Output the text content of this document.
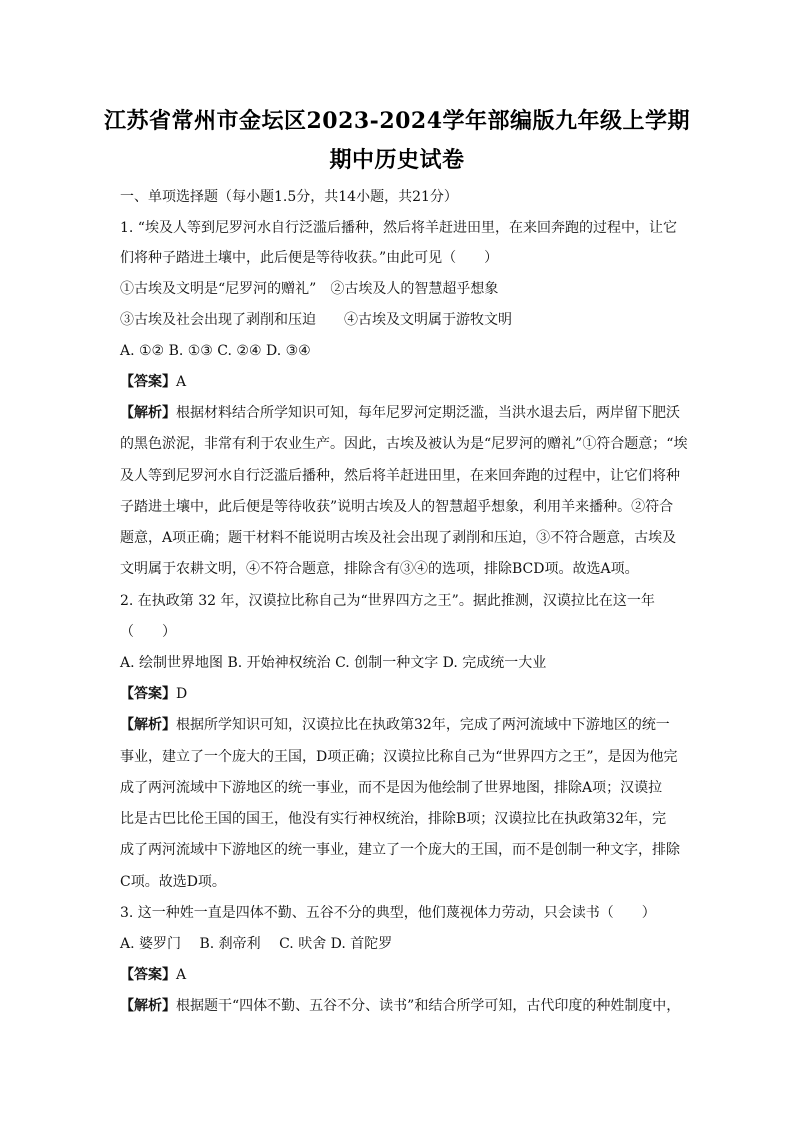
江苏省常州市金坛区2023-2024学年部编版九年级上学期
期中历史试卷
一、单项选择题（每小题1.5分，共14小题，共21分）
1. “埃及人等到尼罗河水自行泛滥后播种，然后将羊赶进田里，在来回奔跑的过程中，让它
们将种子踏进土壤中，此后便是等待收获。”由此可见（　　）
①古埃及文明是“尼罗河的赠礼”　②古埃及人的智慧超乎想象
③古埃及社会出现了剥削和压迫　　④古埃及文明属于游牧文明
A. ①② B. ①③ C. ②④ D. ③④
【答案】A
【解析】根据材料结合所学知识可知，每年尼罗河定期泛滥，当洪水退去后，两岸留下肥沃
的黑色淤泥，非常有利于农业生产。因此，古埃及被认为是“尼罗河的赠礼”①符合题意；“埃
及人等到尼罗河水自行泛滥后播种，然后将羊赶进田里，在来回奔跑的过程中，让它们将种
子踏进土壤中，此后便是等待收获”说明古埃及人的智慧超乎想象，利用羊来播种。②符合
题意，A项正确；题干材料不能说明古埃及社会出现了剥削和压迫，③不符合题意，古埃及
文明属于农耕文明，④不符合题意，排除含有③④的选项，排除BCD项。故选A项。
2. 在执政第 32 年，汉谟拉比称自己为“世界四方之王”。据此推测，汉谟拉比在这一年
（　　）
A. 绘制世界地图 B. 开始神权统治 C. 创制一种文字 D. 完成统一大业
【答案】D
【解析】根据所学知识可知，汉谟拉比在执政第32年，完成了两河流域中下游地区的统一
事业，建立了一个庞大的王国，D项正确；汉谟拉比称自己为“世界四方之王”，是因为他完
成了两河流域中下游地区的统一事业，而不是因为他绘制了世界地图，排除A项；汉谟拉
比是古巴比伦王国的国王，他没有实行神权统治，排除B项；汉谟拉比在执政第32年，完
成了两河流域中下游地区的统一事业，建立了一个庞大的王国，而不是创制一种文字，排除
C项。故选D项。
3. 这一种姓一直是四体不勤、五谷不分的典型，他们蔑视体力劳动，只会读书（　　）
A. 婆罗门　 B. 刹帝利　 C. 吠舍 D. 首陀罗
【答案】A
【解析】根据题干“四体不勤、五谷不分、读书”和结合所学可知，古代印度的种姓制度中，
